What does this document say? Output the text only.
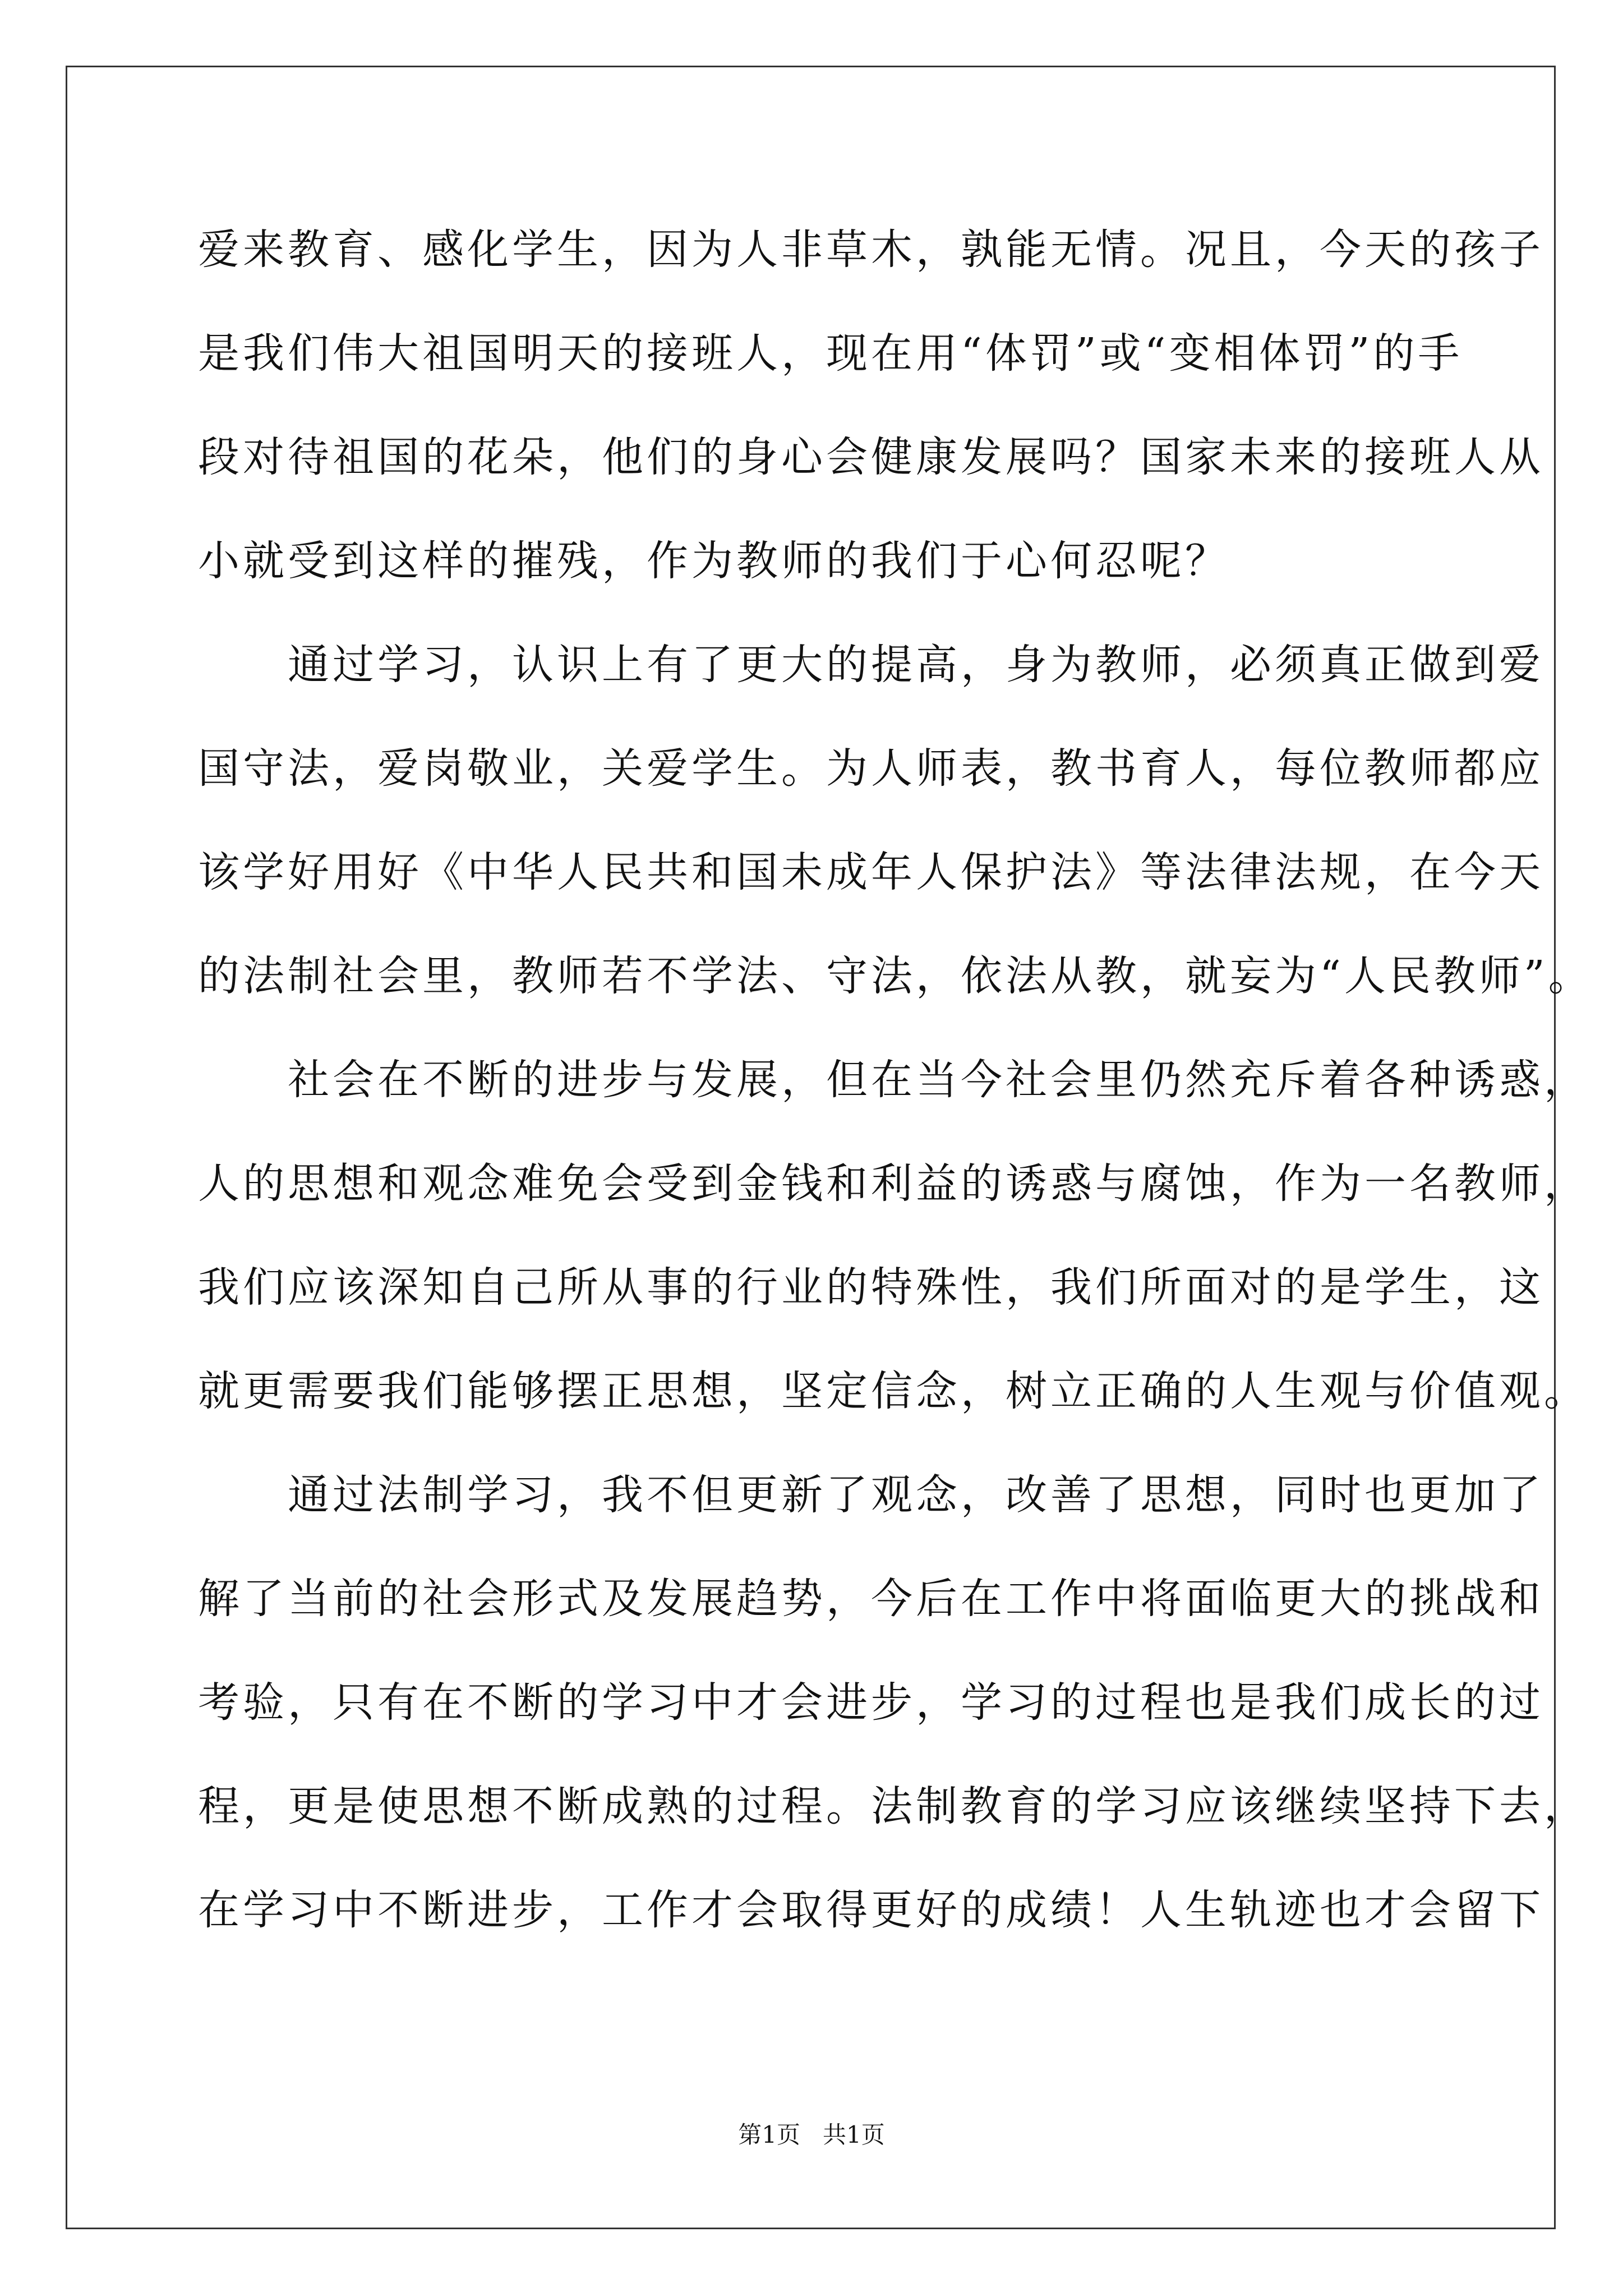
爱来教育、感化学生，因为人非草木，孰能无情。况且，今天的孩子
是我们伟大祖国明天的接班人，现在用“体罚”或“变相体罚”的手
段对待祖国的花朵，他们的身心会健康发展吗？国家未来的接班人从
小就受到这样的摧残，作为教师的我们于心何忍呢？
　　通过学习，认识上有了更大的提高，身为教师，必须真正做到爱
国守法，爱岗敬业，关爱学生。为人师表，教书育人，每位教师都应
该学好用好《中华人民共和国未成年人保护法》等法律法规，在今天
的法制社会里，教师若不学法、守法，依法从教，就妄为“人民教师”。
　　社会在不断的进步与发展，但在当今社会里仍然充斥着各种诱惑，
人的思想和观念难免会受到金钱和利益的诱惑与腐蚀，作为一名教师，
我们应该深知自己所从事的行业的特殊性，我们所面对的是学生，这
就更需要我们能够摆正思想，坚定信念，树立正确的人生观与价值观。
　　通过法制学习，我不但更新了观念，改善了思想，同时也更加了
解了当前的社会形式及发展趋势，今后在工作中将面临更大的挑战和
考验，只有在不断的学习中才会进步，学习的过程也是我们成长的过
程，更是使思想不断成熟的过程。法制教育的学习应该继续坚持下去，
在学习中不断进步，工作才会取得更好的成绩！人生轨迹也才会留下
第1页   共1页
